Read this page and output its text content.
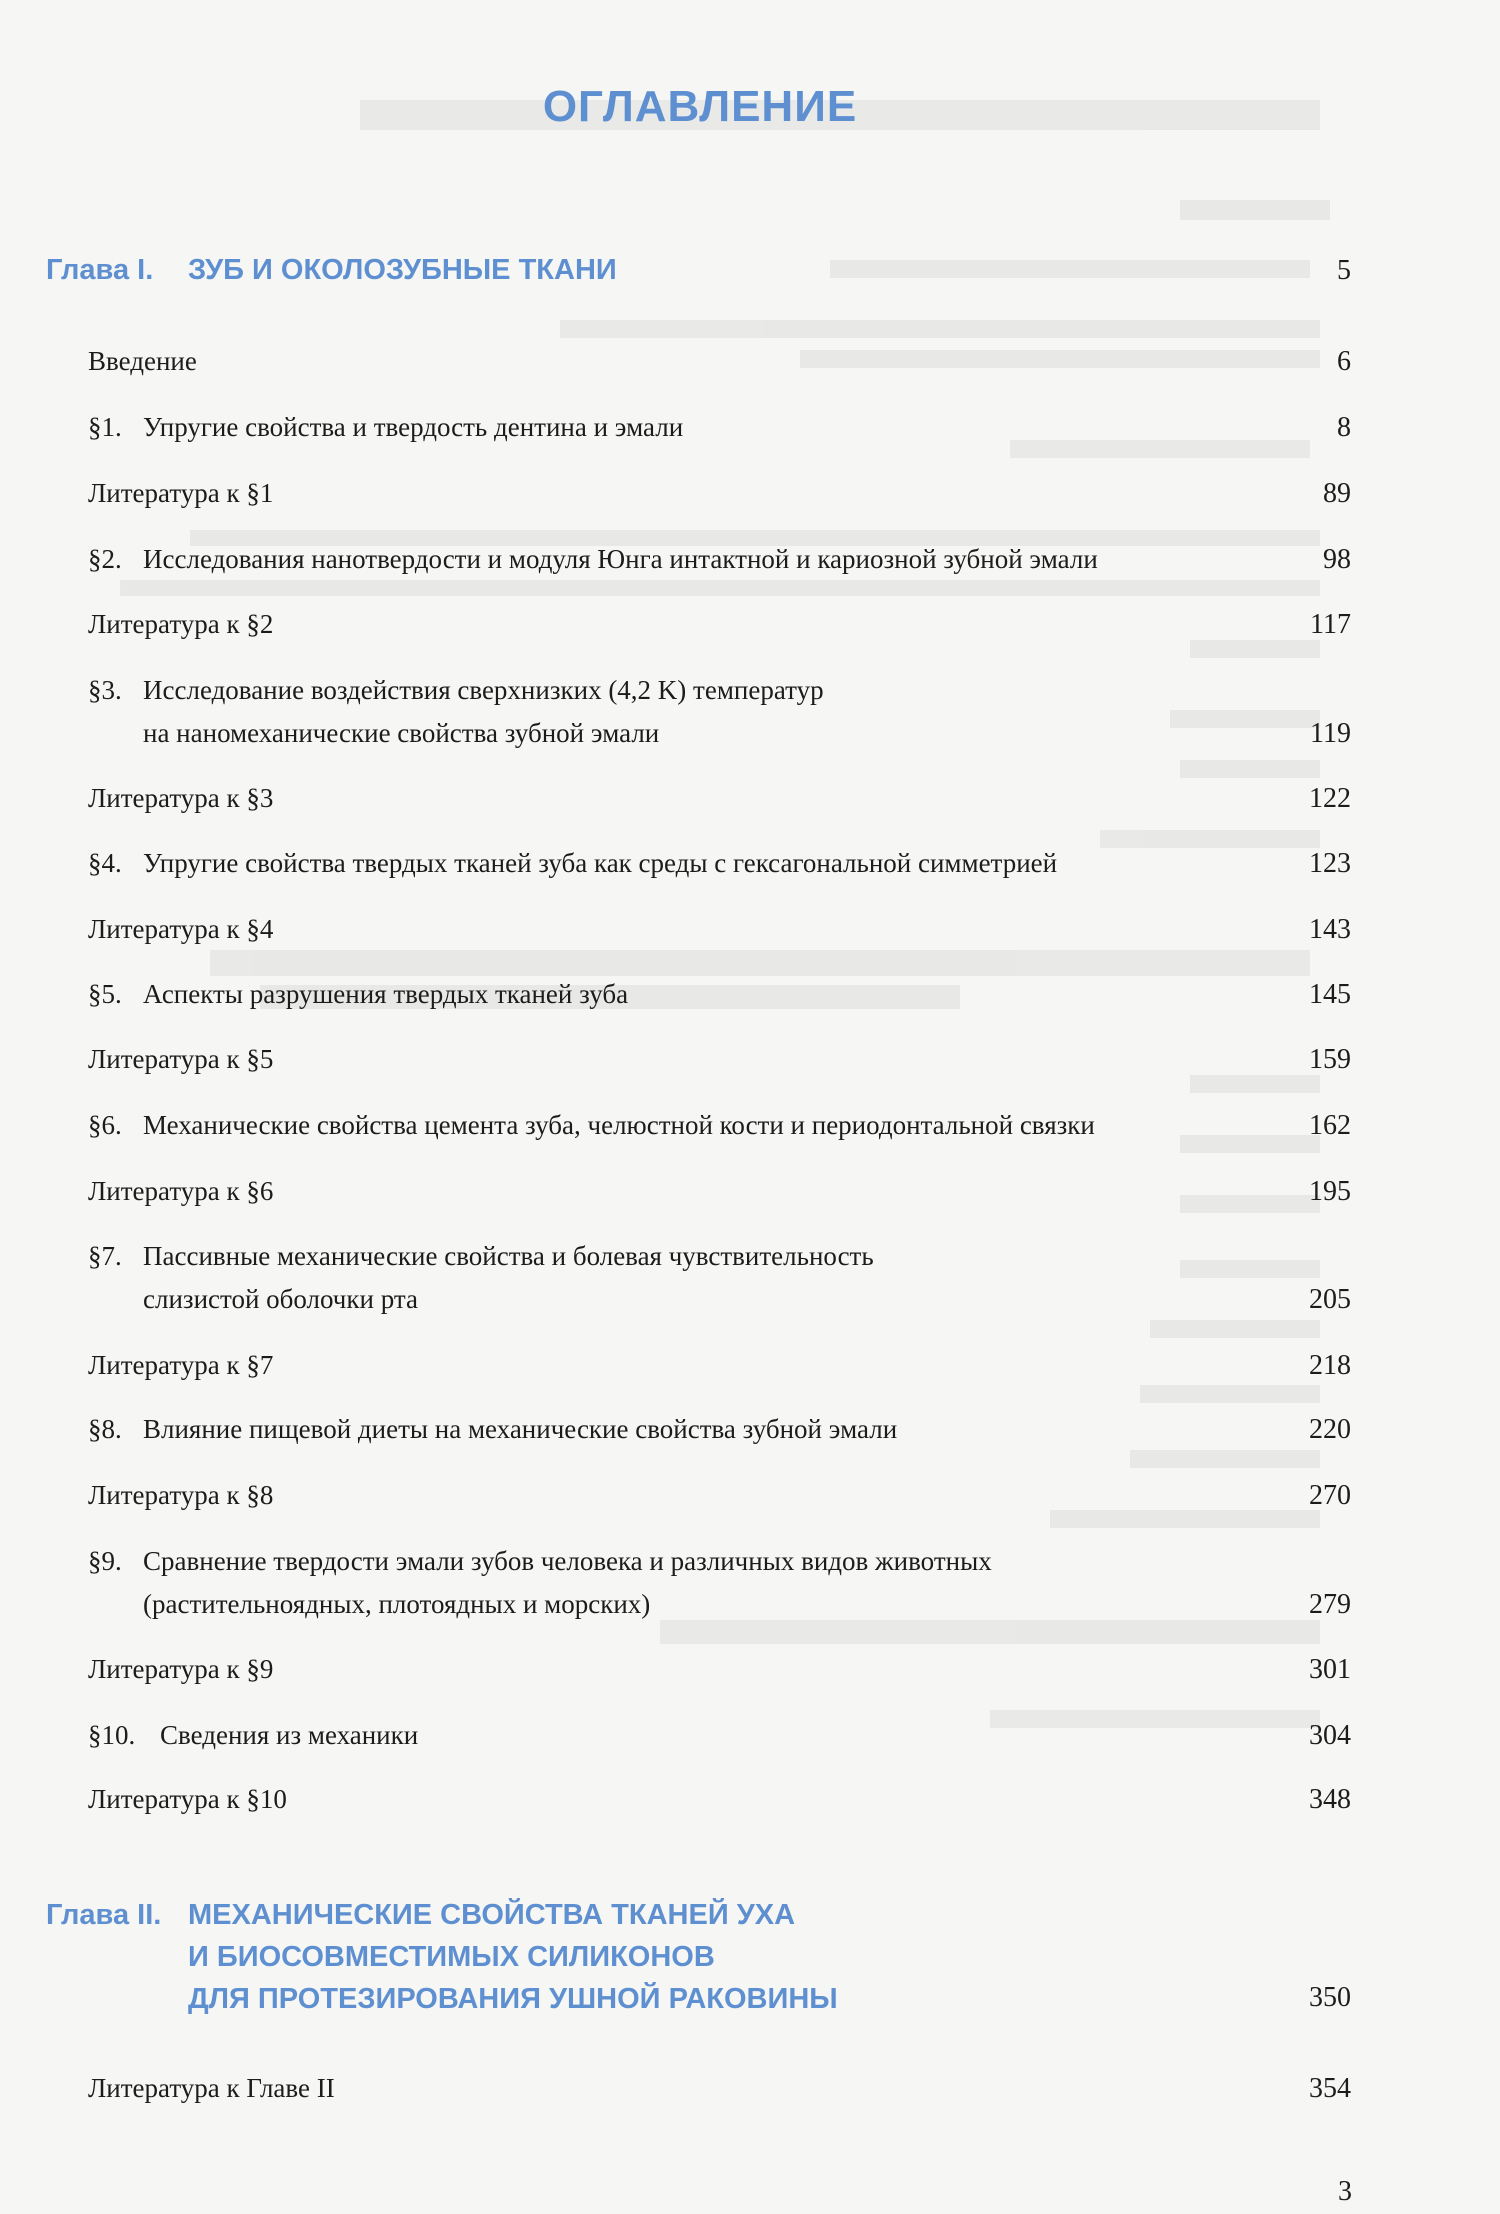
ОГЛАВЛЕНИЕ
Глава I. ЗУБ И ОКОЛОЗУБНЫЕ ТКАНИ	5
Введение	6
§1. Упругие свойства и твердость дентина и эмали	8
Литература к §1	89
§2. Исследования нанотвердости и модуля Юнга интактной и кариозной зубной эмали	98
Литература к §2	117
§3. Исследование воздействия сверхнизких (4,2 K) температур
на наномеханические свойства зубной эмали	119
Литература к §3	122
§4. Упругие свойства твердых тканей зуба как среды с гексагональной симметрией	123
Литература к §4	143
§5. Аспекты разрушения твердых тканей зуба	145
Литература к §5	159
§6. Механические свойства цемента зуба, челюстной кости и периодонтальной связки	162
Литература к §6	195
§7. Пассивные механические свойства и болевая чувствительность
слизистой оболочки рта	205
Литература к §7	218
§8. Влияние пищевой диеты на механические свойства зубной эмали	220
Литература к §8	270
§9. Сравнение твердости эмали зубов человека и различных видов животных
(растительноядных, плотоядных и морских)	279
Литература к §9	301
§10. Сведения из механики	304
Литература к §10	348
Глава II. МЕХАНИЧЕСКИЕ СВОЙСТВА ТКАНЕЙ УХА
И БИОСОВМЕСТИМЫХ СИЛИКОНОВ
ДЛЯ ПРОТЕЗИРОВАНИЯ УШНОЙ РАКОВИНЫ	350
Литература к Главе II	354
3
